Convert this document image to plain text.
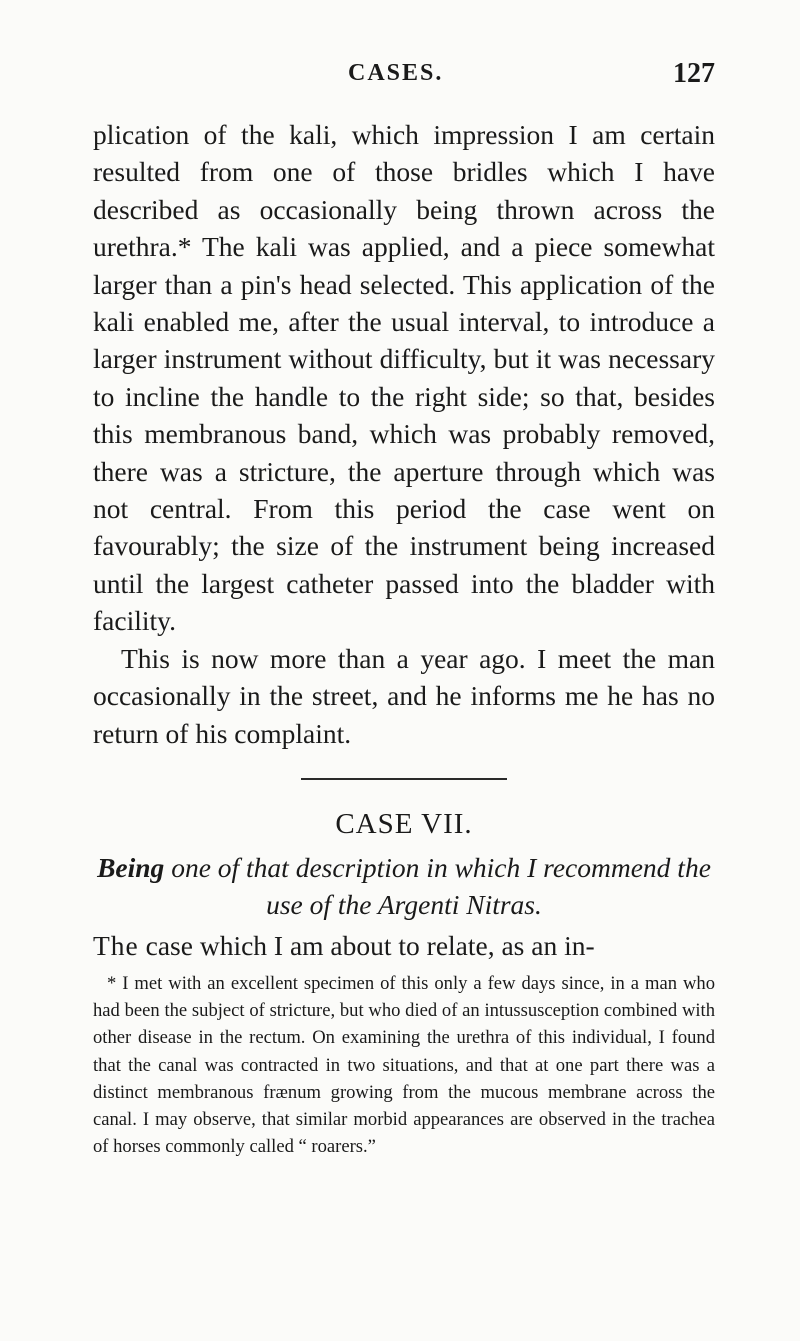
CASES.	127

plication of the kali, which impression I am certain resulted from one of those bridles which I have described as occasionally being thrown across the urethra.* The kali was applied, and a piece somewhat larger than a pin's head selected. This application of the kali enabled me, after the usual interval, to introduce a larger instrument without difficulty, but it was necessary to incline the handle to the right side; so that, besides this membranous band, which was probably removed, there was a stricture, the aperture through which was not central. From this period the case went on favourably; the size of the instrument being increased until the largest catheter passed into the bladder with facility.

This is now more than a year ago. I meet the man occasionally in the street, and he informs me he has no return of his complaint.

CASE VII.
Being one of that description in which I recommend the use of the Argenti Nitras.
The case which I am about to relate, as an in-

* I met with an excellent specimen of this only a few days since, in a man who had been the subject of stricture, but who died of an intussusception combined with other disease in the rectum. On examining the urethra of this individual, I found that the canal was contracted in two situations, and that at one part there was a distinct membranous frænum growing from the mucous membrane across the canal. I may observe, that similar morbid appearances are observed in the trachea of horses commonly called “ roarers.”
